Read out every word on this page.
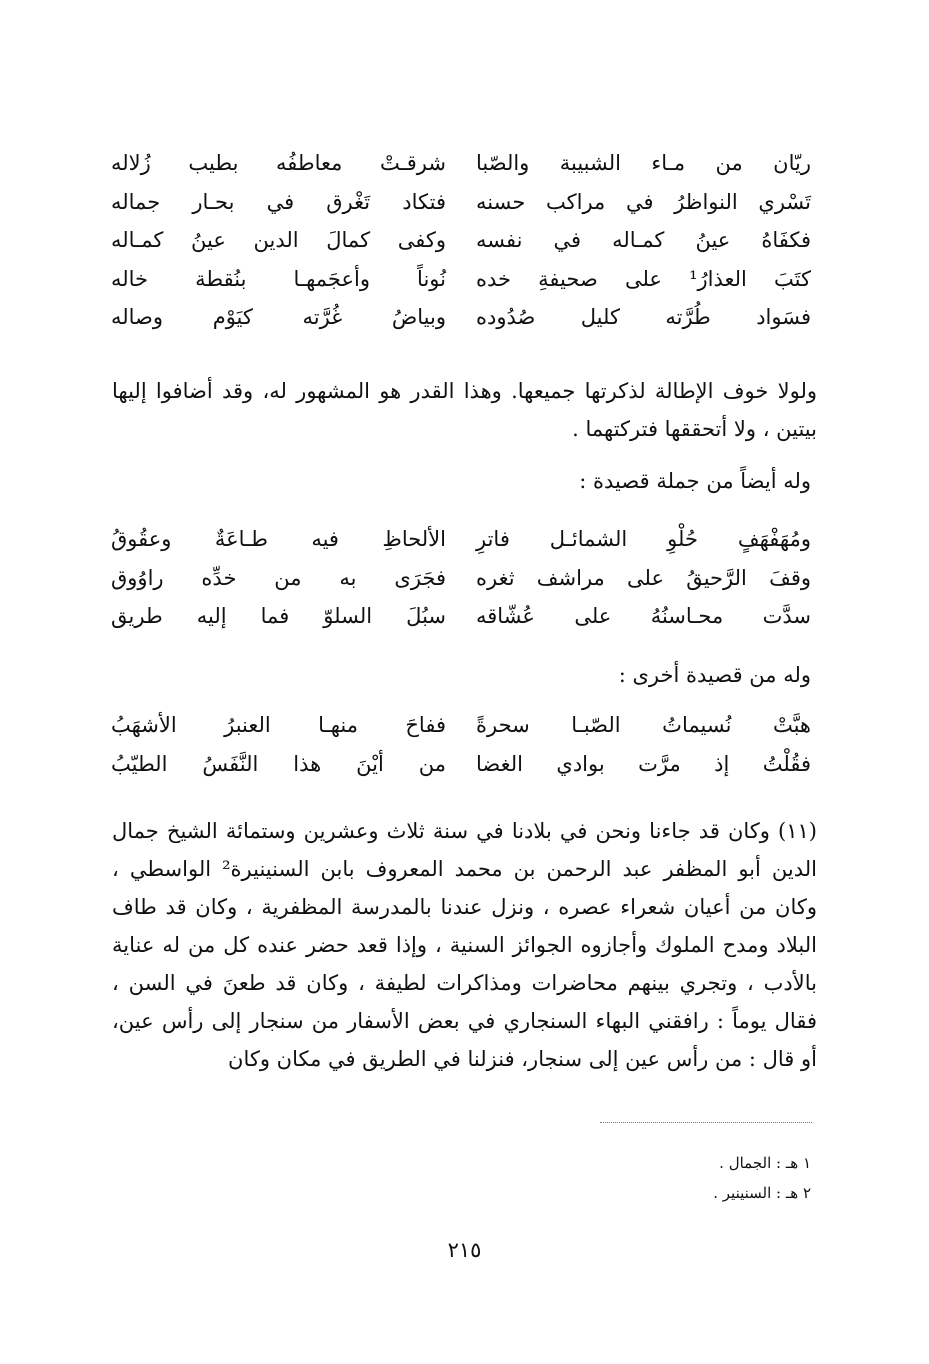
ريّان من مـاء الشبيبة والصّبا
شرقـتْ معاطفُه بطيب زُلاله
تَسْري النواظرُ في مراكب حسنه
فتكاد تَغْرق في بحـار جماله
فكفَاهُ عينُ كمـاله في نفسه
وكفى كمالَ الدين عينُ كمـاله
كتَبَ العذارُ¹ على صحيفةِ خده
نُوناً وأعجَمهـا بنُقطة خاله
فسَواد طُرَّته كليل صُدُوده
وبياضُ غُرَّته كيَوْم وصاله

ولولا خوف الإطالة لذكرتها جميعها. وهذا القدر هو المشهور له، وقد أضافوا إليها بيتين ، ولا أتحققها فتركتهما .

وله أيضاً من جملة قصيدة :
ومُهَفْهَفٍ حُلْوِ الشمائـل فاترِ
الألحاظِ فيه طـاعَةٌ وعقُوقُ
وقفَ الرَّحيقُ على مراشف ثغره
فجَرَى به من خدِّه راوُوق
سدَّت محـاسنُهُ على عُشّاقه
سبُلَ السلوّ فما إليه طريق
وله من قصيدة أخرى :
هبَّتْ نُسيماتُ الصّبـا سحرةً
ففاحَ منهـا العنبرُ الأشهَبُ
فقُلْتُ إذ مرَّت بوادي الغضا
من أيْنَ هذا النَّفَسُ الطيّبُ

(١١) وكان قد جاءنا ونحن في بلادنا في سنة ثلاث وعشرين وستمائة الشيخ جمال الدين أبو المظفر عبد الرحمن بن محمد المعروف بابن السنينيرة² الواسطي ، وكان من أعيان شعراء عصره ، ونزل عندنا بالمدرسة المظفرية ، وكان قد طاف البلاد ومدح الملوك وأجازوه الجوائز السنية ، وإذا قعد حضر عنده كل من له عناية بالأدب ، وتجري بينهم محاضرات ومذاكرات لطيفة ، وكان قد طعنَ في السن ، فقال يوماً : رافقني البهاء السنجاري في بعض الأسفار من سنجار إلى رأس عين، أو قال : من رأس عين إلى سنجار، فنزلنا في الطريق في مكان وكان

١ هـ : الجمال .
٢ هـ : السنينير .
٢١٥
